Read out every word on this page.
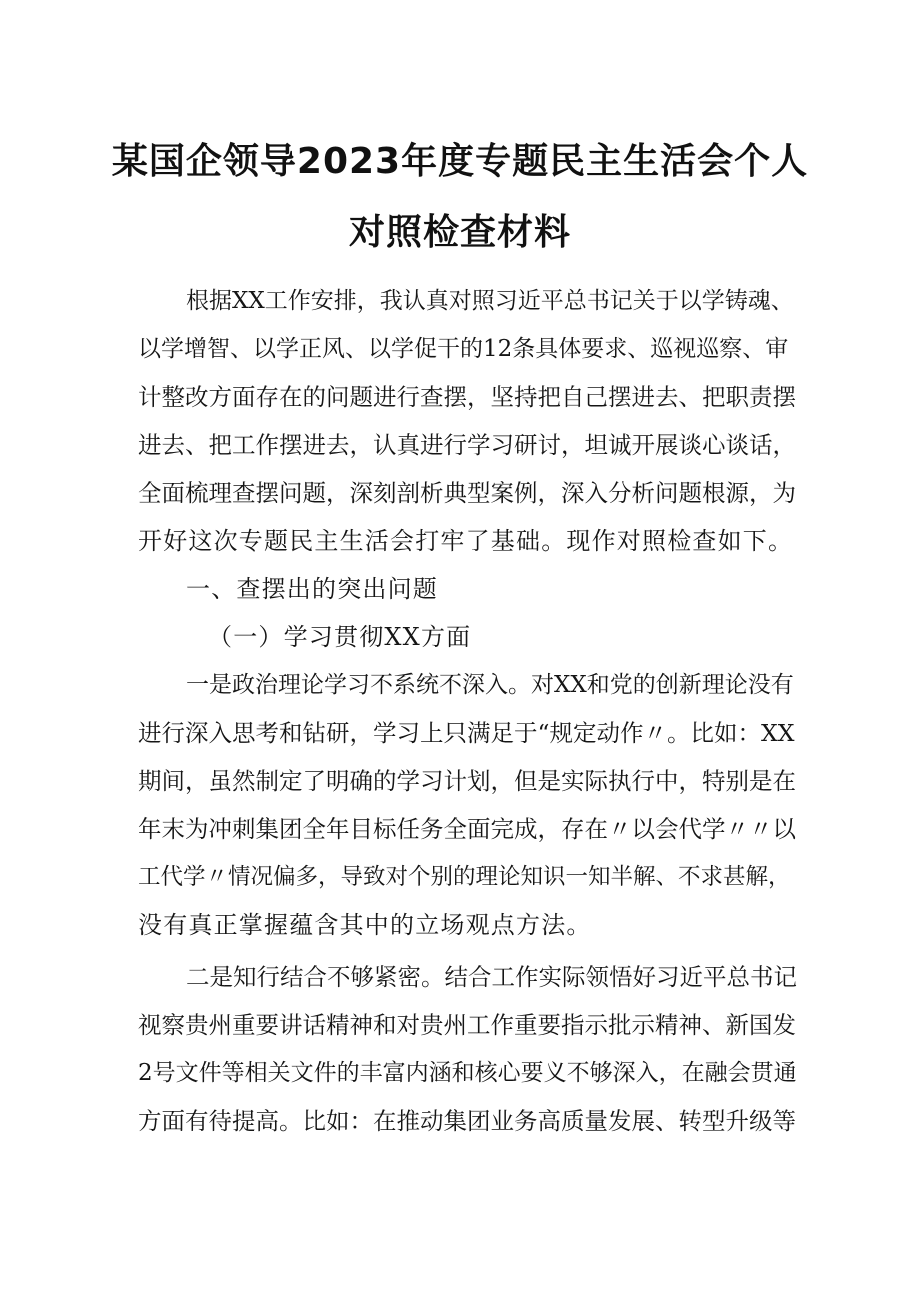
某国企领导2023年度专题民主生活会个人
对照检查材料
根据XX工作安排，我认真对照习近平总书记关于以学铸魂、
以学增智、以学正风、以学促干的12条具体要求、巡视巡察、审
计整改方面存在的问题进行查摆，坚持把自己摆进去、把职责摆
进去、把工作摆进去，认真进行学习研讨，坦诚开展谈心谈话，
全面梳理查摆问题，深刻剖析典型案例，深入分析问题根源，为
开好这次专题民主生活会打牢了基础。现作对照检查如下。
一、查摆出的突出问题
（一）学习贯彻XX方面
一是政治理论学习不系统不深入。对XX和党的创新理论没有
进行深入思考和钻研，学习上只满足于“规定动作〃。比如：XX
期间，虽然制定了明确的学习计划，但是实际执行中，特别是在
年末为冲刺集团全年目标任务全面完成，存在〃以会代学〃〃以
工代学〃情况偏多，导致对个别的理论知识一知半解、不求甚解，
没有真正掌握蕴含其中的立场观点方法。
二是知行结合不够紧密。结合工作实际领悟好习近平总书记
视察贵州重要讲话精神和对贵州工作重要指示批示精神、新国发
2号文件等相关文件的丰富内涵和核心要义不够深入，在融会贯通
方面有待提高。比如：在推动集团业务高质量发展、转型升级等
